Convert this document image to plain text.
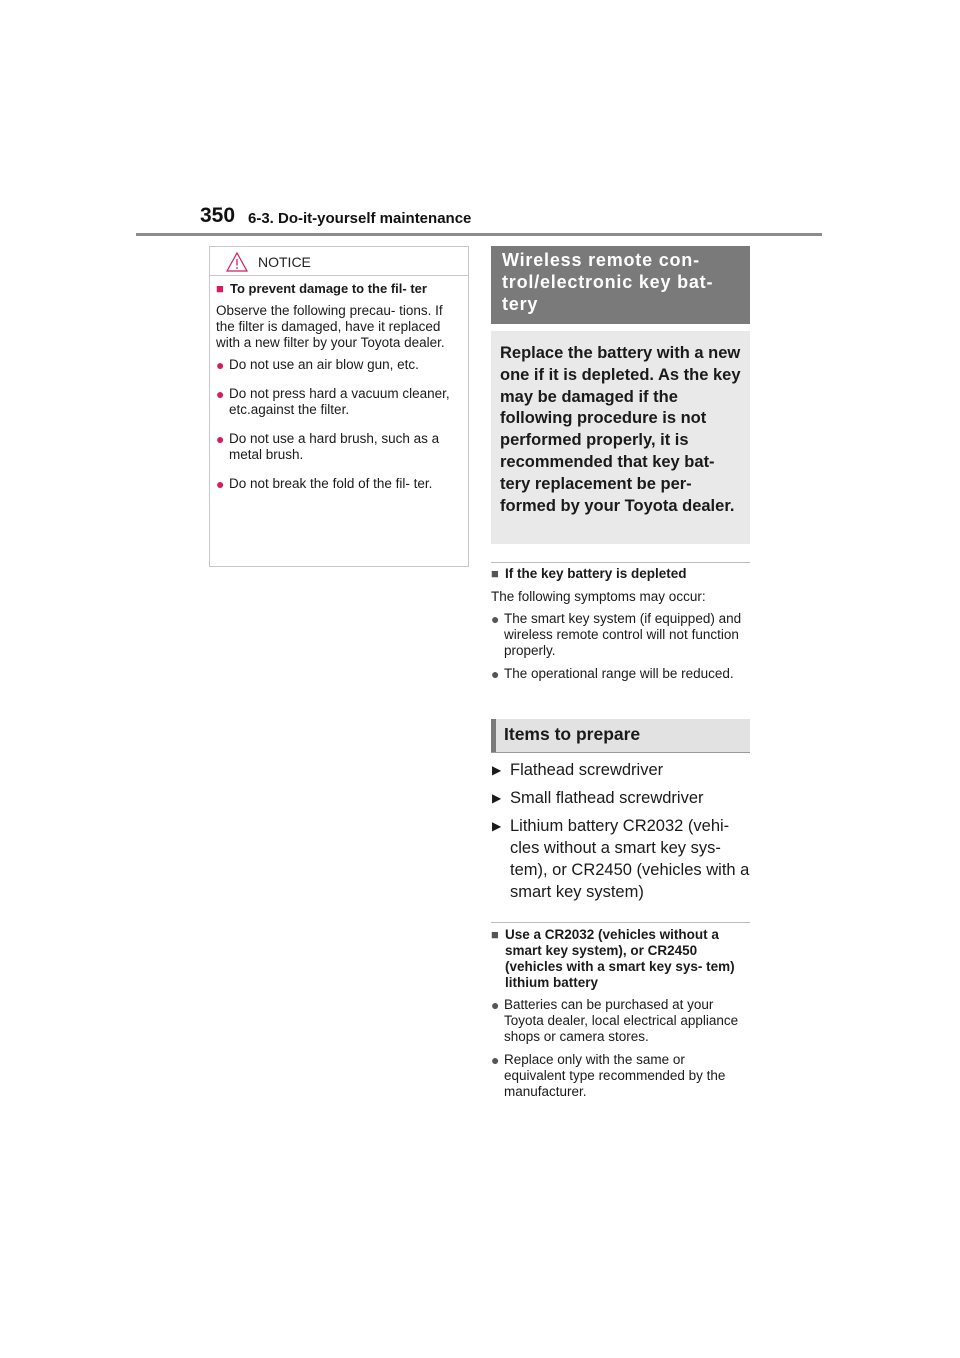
350 6-3. Do-it-yourself maintenance
NOTICE
■ To prevent damage to the fil- ter

Observe the following precau- tions. If the filter is damaged, have it replaced with a new filter by your Toyota dealer.

● Do not use an air blow gun, etc.
● Do not press hard a vacuum cleaner, etc.against the filter.
● Do not use a hard brush, such as a metal brush.
● Do not break the fold of the fil- ter.
Wireless remote con- trol/electronic key bat- tery
Replace the battery with a new one if it is depleted. As the key may be damaged if the following procedure is not performed properly, it is recommended that key bat- tery replacement be per- formed by your Toyota dealer.
■ If the key battery is depleted
The following symptoms may occur:
● The smart key system (if equipped) and wireless remote control will not function properly.
● The operational range will be reduced.
Items to prepare
▶ Flathead screwdriver
▶ Small flathead screwdriver
▶ Lithium battery CR2032 (vehi- cles without a smart key sys- tem), or CR2450 (vehicles with a smart key system)
■ Use a CR2032 (vehicles without a smart key system), or CR2450 (vehicles with a smart key sys- tem) lithium battery
● Batteries can be purchased at your Toyota dealer, local electrical appliance shops or camera stores.
● Replace only with the same or equivalent type recommended by the manufacturer.
